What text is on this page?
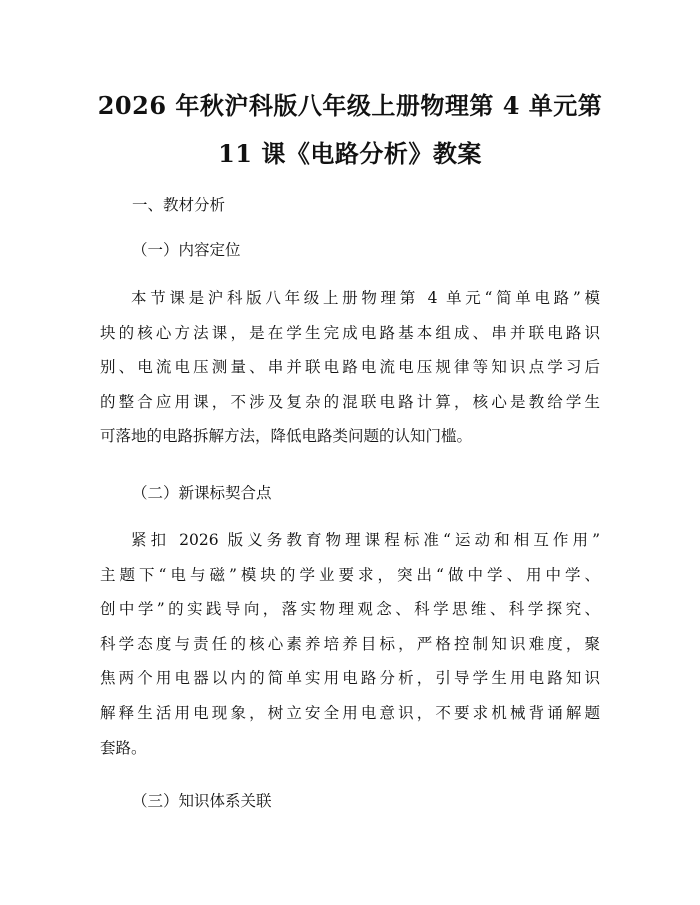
2026 年秋沪科版八年级上册物理第 4 单元第
11 课《电路分析》教案

一、教材分析

（一）内容定位

本节课是沪科版八年级上册物理第 4 单元“简单电路”模
块的核心方法课，是在学生完成电路基本组成、串并联电路识
别、电流电压测量、串并联电路电流电压规律等知识点学习后
的整合应用课，不涉及复杂的混联电路计算，核心是教给学生
可落地的电路拆解方法，降低电路类问题的认知门槛。

（二）新课标契合点

紧扣 2026 版义务教育物理课程标准“运动和相互作用”
主题下“电与磁”模块的学业要求，突出“做中学、用中学、
创中学”的实践导向，落实物理观念、科学思维、科学探究、
科学态度与责任的核心素养培养目标，严格控制知识难度，聚
焦两个用电器以内的简单实用电路分析，引导学生用电路知识
解释生活用电现象，树立安全用电意识，不要求机械背诵解题
套路。

（三）知识体系关联
